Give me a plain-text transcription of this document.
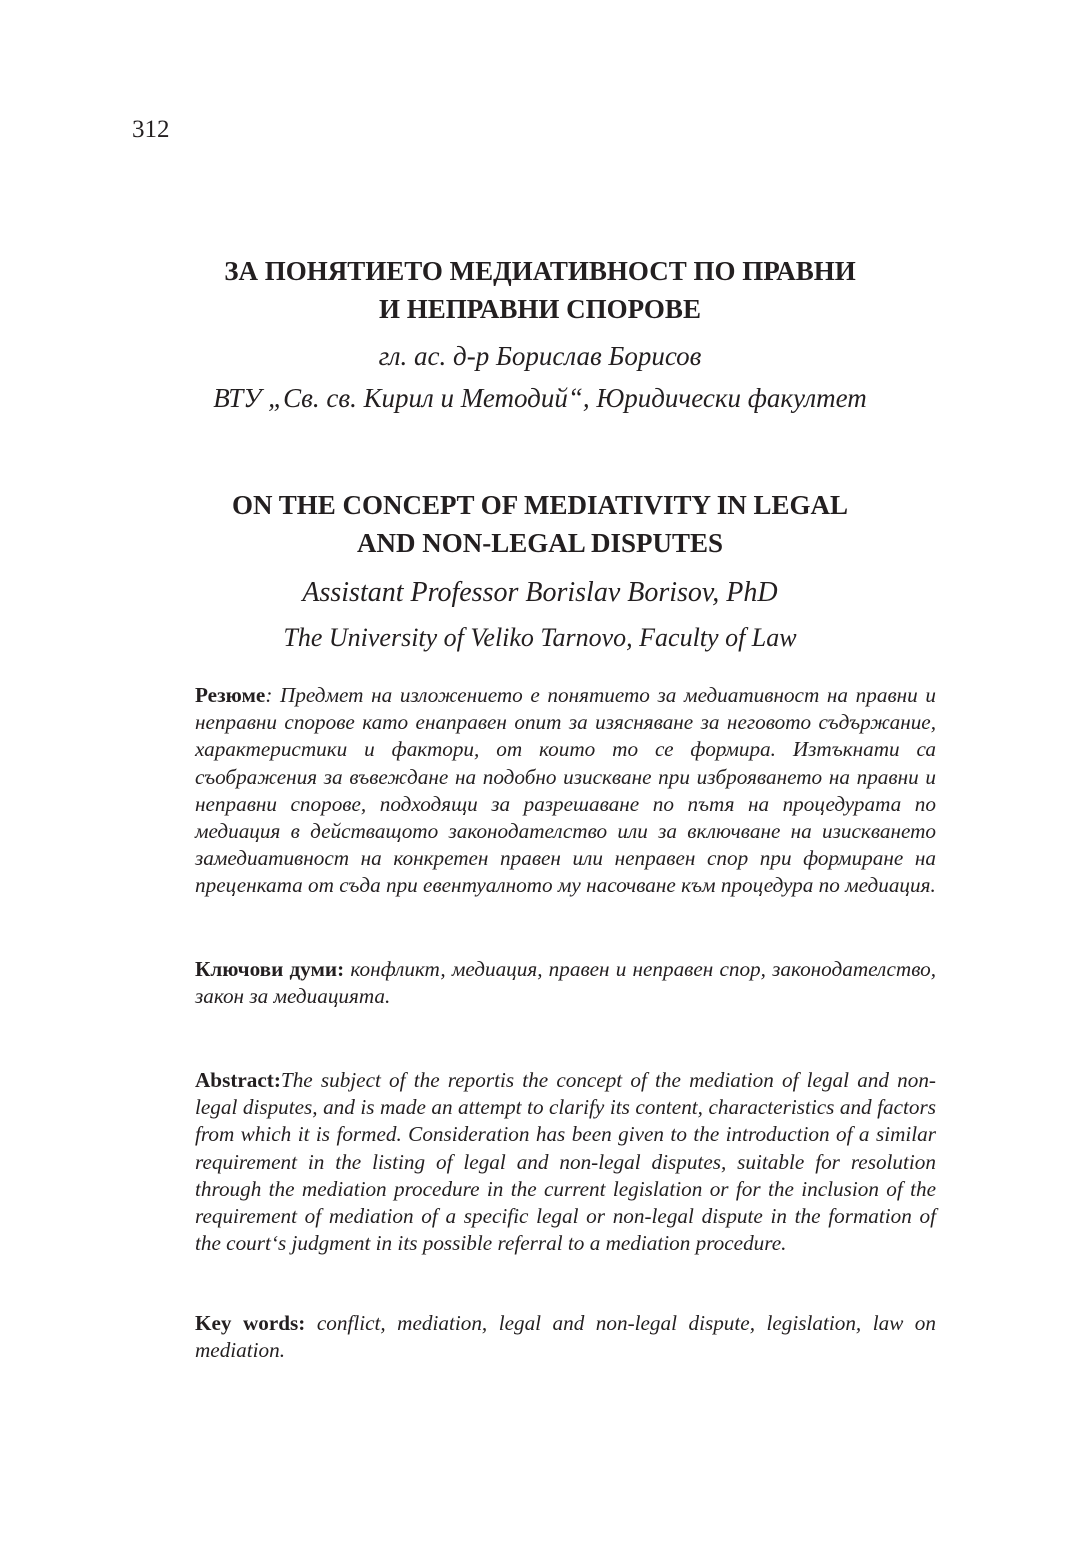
312
ЗА ПОНЯТИЕТО МЕДИАТИВНОСТ ПО ПРАВНИ
И НЕПРАВНИ СПОРОВЕ
гл. ас. д-р Борислав Борисов
ВТУ „Св. св. Кирил и Методий“, Юридически факултет
ON THE CONCEPT OF MEDIATIVITY IN LEGAL
AND NON-LEGAL DISPUTES
Assistant Professor Borislav Borisov, PhD
The University of Veliko Tarnovo, Faculty of Law

Резюме: Предмет на изложението е понятието за медиативност на правни и неправни спорове като енаправен опит за изясняване за неговото съдържание, характеристики и фактори, от които то се формира. Изтъкнати са съображения за въвеждане на подобно изискване при изброяването на правни и неправни спорове, подходящи за разрешаване по пътя на процедурата по медиация в действащото законодателство или за включване на изискването замедиативност на конкретен правен или неправен спор при формиране на преценката от съда при евентуалното му насочване към процедура по медиация.

Ключови думи: конфликт, медиация, правен и неправен спор, законодателство, закон за медиацията.

Abstract:The subject of the reportis the concept of the mediation of legal and non-legal disputes, and is made an attempt to clarify its content, characteristics and factors from which it is formed. Consideration has been given to the introduction of a similar requirement in the listing of legal and non-legal disputes, suitable for resolution through the mediation procedure in the current legislation or for the inclusion of the requirement of mediation of a specific legal or non-legal dispute in the formation of the court‘s judgment in its possible referral to a mediation procedure.

Key words: conflict, mediation, legal and non-legal dispute, legislation, law on mediation.
